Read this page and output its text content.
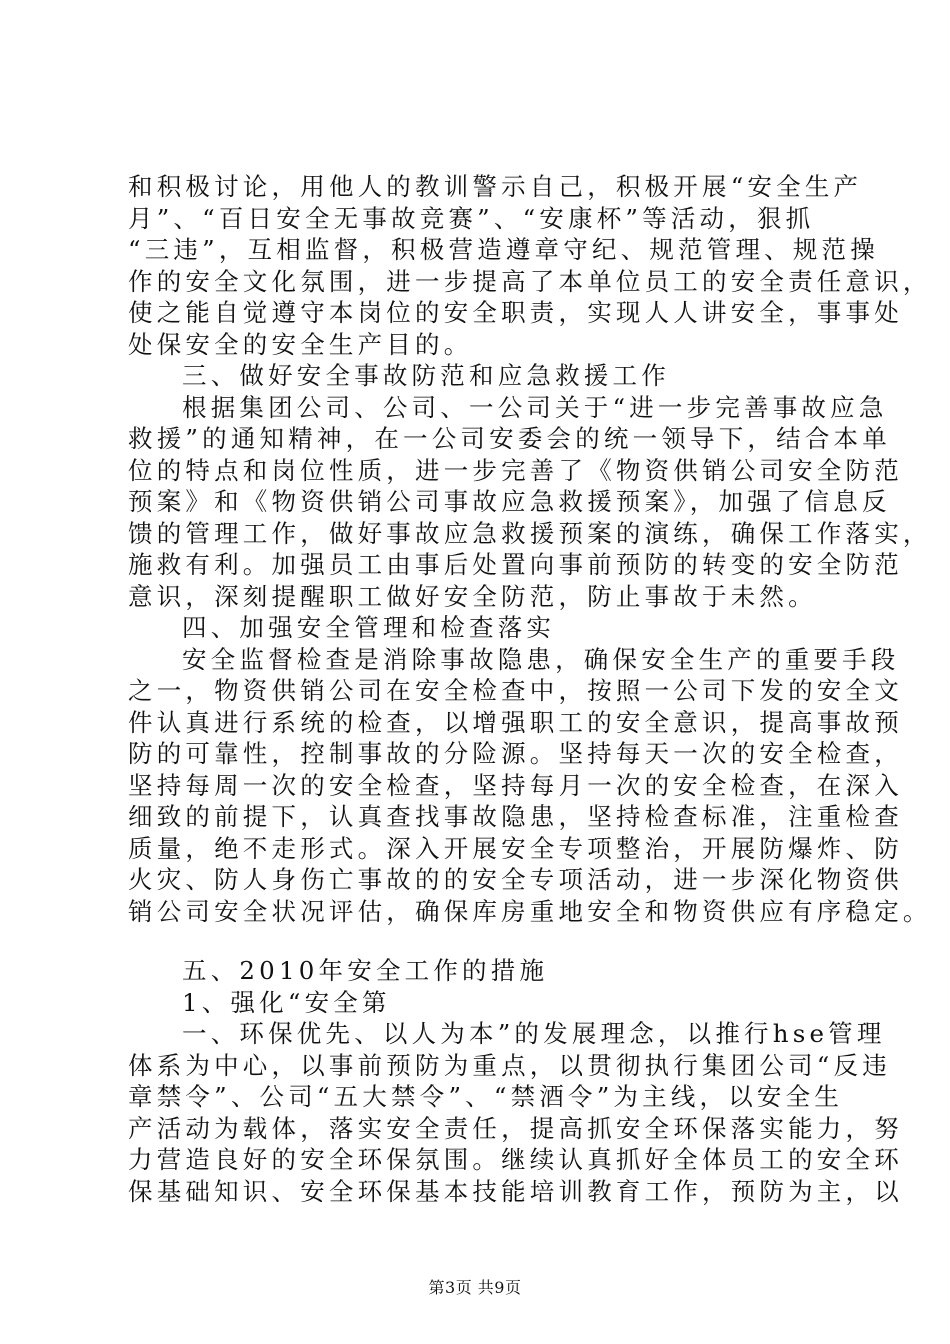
和积极讨论，用他人的教训警示自己，积极开展“安全生产
月”、“百日安全无事故竞赛”、“安康杯”等活动，狠抓
“三违”，互相监督，积极营造遵章守纪、规范管理、规范操
作的安全文化氛围，进一步提高了本单位员工的安全责任意识，
使之能自觉遵守本岗位的安全职责，实现人人讲安全，事事处
处保安全的安全生产目的。
三、做好安全事故防范和应急救援工作
根据集团公司、公司、一公司关于“进一步完善事故应急
救援”的通知精神，在一公司安委会的统一领导下，结合本单
位的特点和岗位性质，进一步完善了《物资供销公司安全防范
预案》和《物资供销公司事故应急救援预案》，加强了信息反
馈的管理工作，做好事故应急救援预案的演练，确保工作落实，
施救有利。加强员工由事后处置向事前预防的转变的安全防范
意识，深刻提醒职工做好安全防范，防止事故于未然。
四、加强安全管理和检查落实
安全监督检查是消除事故隐患，确保安全生产的重要手段
之一，物资供销公司在安全检查中，按照一公司下发的安全文
件认真进行系统的检查，以增强职工的安全意识，提高事故预
防的可靠性，控制事故的分险源。坚持每天一次的安全检查，
坚持每周一次的安全检查，坚持每月一次的安全检查，在深入
细致的前提下，认真查找事故隐患，坚持检查标准，注重检查
质量，绝不走形式。深入开展安全专项整治，开展防爆炸、防
火灾、防人身伤亡事故的的安全专项活动，进一步深化物资供
销公司安全状况评估，确保库房重地安全和物资供应有序稳定。
五、2010年安全工作的措施
1、强化“安全第
一、环保优先、以人为本”的发展理念，以推行hse管理
体系为中心，以事前预防为重点，以贯彻执行集团公司“反违
章禁令”、公司“五大禁令”、“禁酒令”为主线，以安全生
产活动为载体，落实安全责任，提高抓安全环保落实能力，努
力营造良好的安全环保氛围。继续认真抓好全体员工的安全环
保基础知识、安全环保基本技能培训教育工作，预防为主，以
第3页 共9页
